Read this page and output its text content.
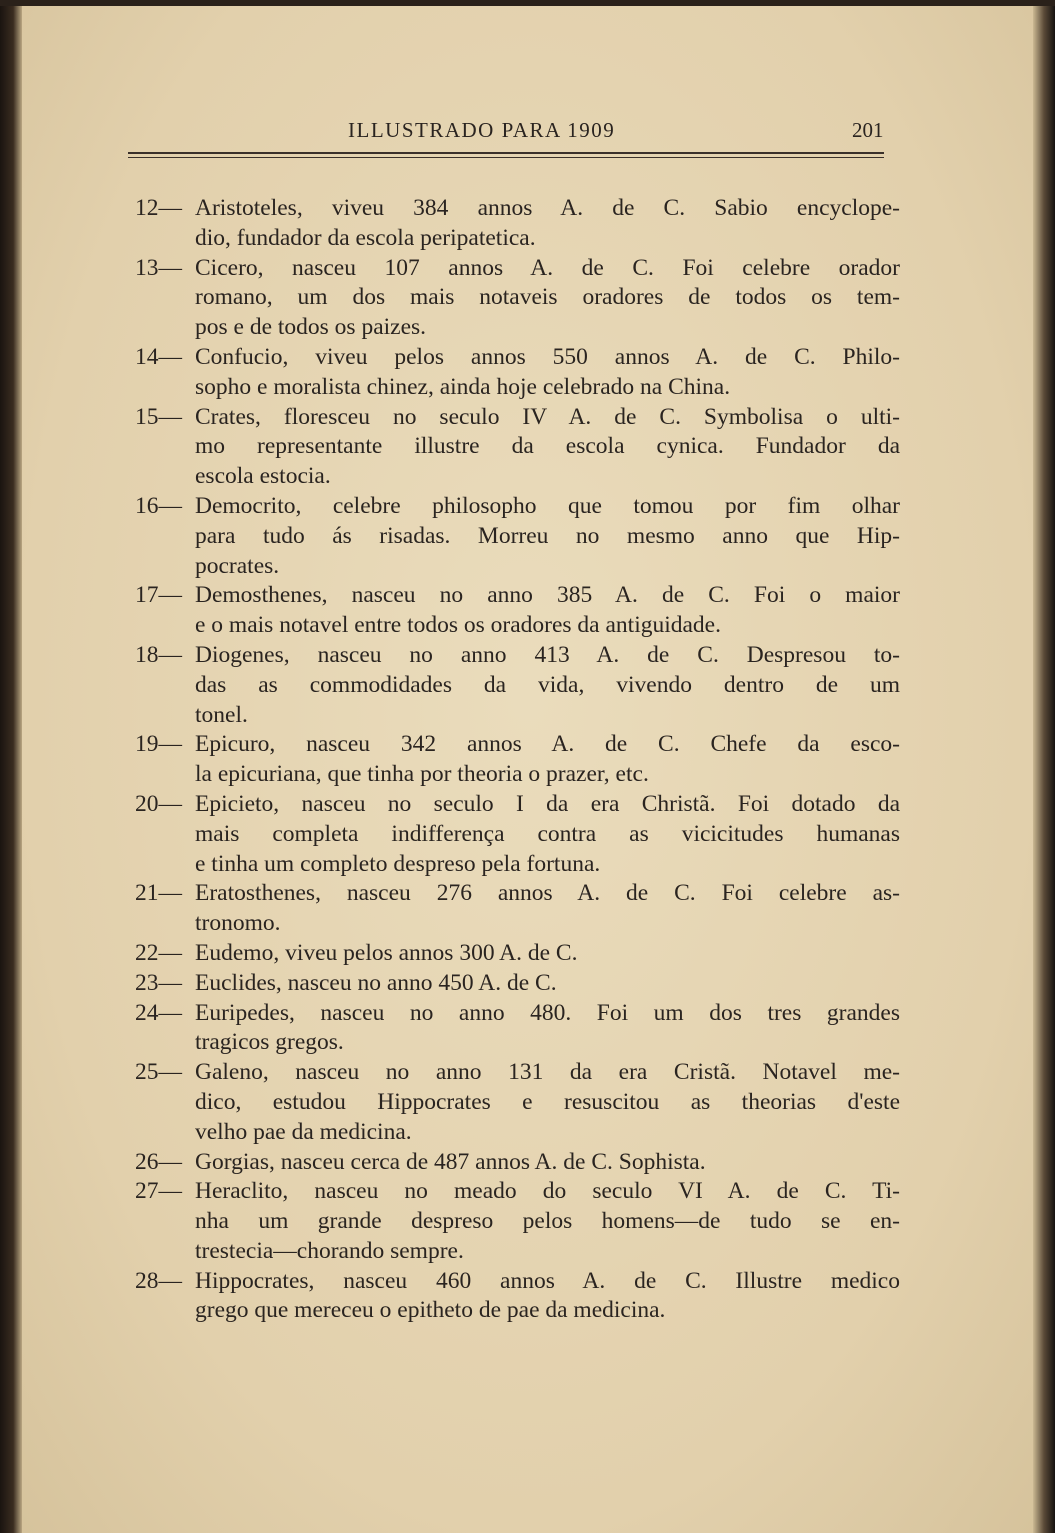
ILLUSTRADO PARA 1909	201
12— Aristoteles, viveu 384 annos A. de C. Sabio encyclope-
dio, fundador da escola peripatetica.
13— Cicero, nasceu 107 annos A. de C. Foi celebre orador
romano, um dos mais notaveis oradores de todos os tem-
pos e de todos os paizes.
14— Confucio, viveu pelos annos 550 annos A. de C. Philo-
sopho e moralista chinez, ainda hoje celebrado na China.
15— Crates, floresceu no seculo IV A. de C. Symbolisa o ulti-
mo representante illustre da escola cynica. Fundador da
escola estocia.
16— Democrito, celebre philosopho que tomou por fim olhar
para tudo ás risadas. Morreu no mesmo anno que Hip-
pocrates.
17— Demosthenes, nasceu no anno 385 A. de C. Foi o maior
e o mais notavel entre todos os oradores da antiguidade.
18— Diogenes, nasceu no anno 413 A. de C. Despresou to-
das as commodidades da vida, vivendo dentro de um
tonel.
19— Epicuro, nasceu 342 annos A. de C. Chefe da esco-
la epicuriana, que tinha por theoria o prazer, etc.
20— Epicieto, nasceu no seculo I da era Christã. Foi dotado da
mais completa indifferença contra as vicicitudes humanas
e tinha um completo despreso pela fortuna.
21— Eratosthenes, nasceu 276 annos A. de C. Foi celebre as-
tronomo.
22— Eudemo, viveu pelos annos 300 A. de C.
23— Euclides, nasceu no anno 450 A. de C.
24— Euripedes, nasceu no anno 480. Foi um dos tres grandes
tragicos gregos.
25— Galeno, nasceu no anno 131 da era Cristã. Notavel me-
dico, estudou Hippocrates e resuscitou as theorias d'este
velho pae da medicina.
26— Gorgias, nasceu cerca de 487 annos A. de C. Sophista.
27— Heraclito, nasceu no meado do seculo VI A. de C. Ti-
nha um grande despreso pelos homens—de tudo se en-
trestecia—chorando sempre.
28— Hippocrates, nasceu 460 annos A. de C. Illustre medico
grego que mereceu o epitheto de pae da medicina.
